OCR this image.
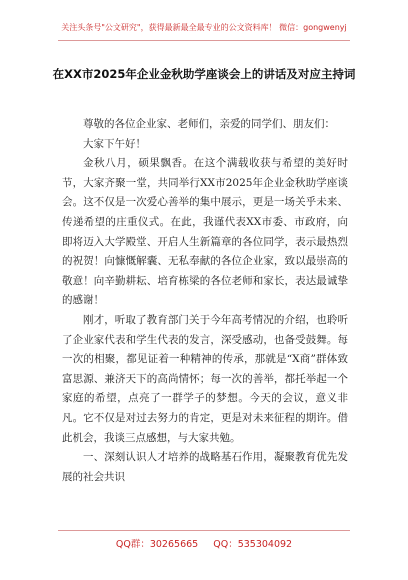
关注头条号"公文研究"，获得最新最全最专业的公文资料库！ 微信：gongwenyj
在XX市2025年企业金秋助学座谈会上的讲话及对应主持词

尊敬的各位企业家、老师们，亲爱的同学们、朋友们：

大家下午好！

金秋八月，硕果飘香。在这个满载收获与希望的美好时节，大家齐聚一堂，共同举行XX市2025年企业金秋助学座谈会。这不仅是一次爱心善举的集中展示，更是一场关乎未来、传递希望的庄重仪式。在此，我谨代表XX市委、市政府，向即将迈入大学殿堂、开启人生新篇章的各位同学，表示最热烈的祝贺！向慷慨解囊、无私奉献的各位企业家，致以最崇高的敬意！向辛勤耕耘、培育栋梁的各位老师和家长，表达最诚挚的感谢！

刚才，听取了教育部门关于今年高考情况的介绍，也聆听了企业家代表和学生代表的发言，深受感动，也备受鼓舞。每一次的相聚，都见证着一种精神的传承，那就是“X商”群体致富思源、兼济天下的高尚情怀；每一次的善举，都托举起一个家庭的希望，点亮了一群学子的梦想。今天的会议，意义非凡。它不仅是对过去努力的肯定，更是对未来征程的期许。借此机会，我谈三点感想，与大家共勉。

一、深刻认识人才培养的战略基石作用，凝聚教育优先发展的社会共识

QQ群：30265665 QQ：535304092
